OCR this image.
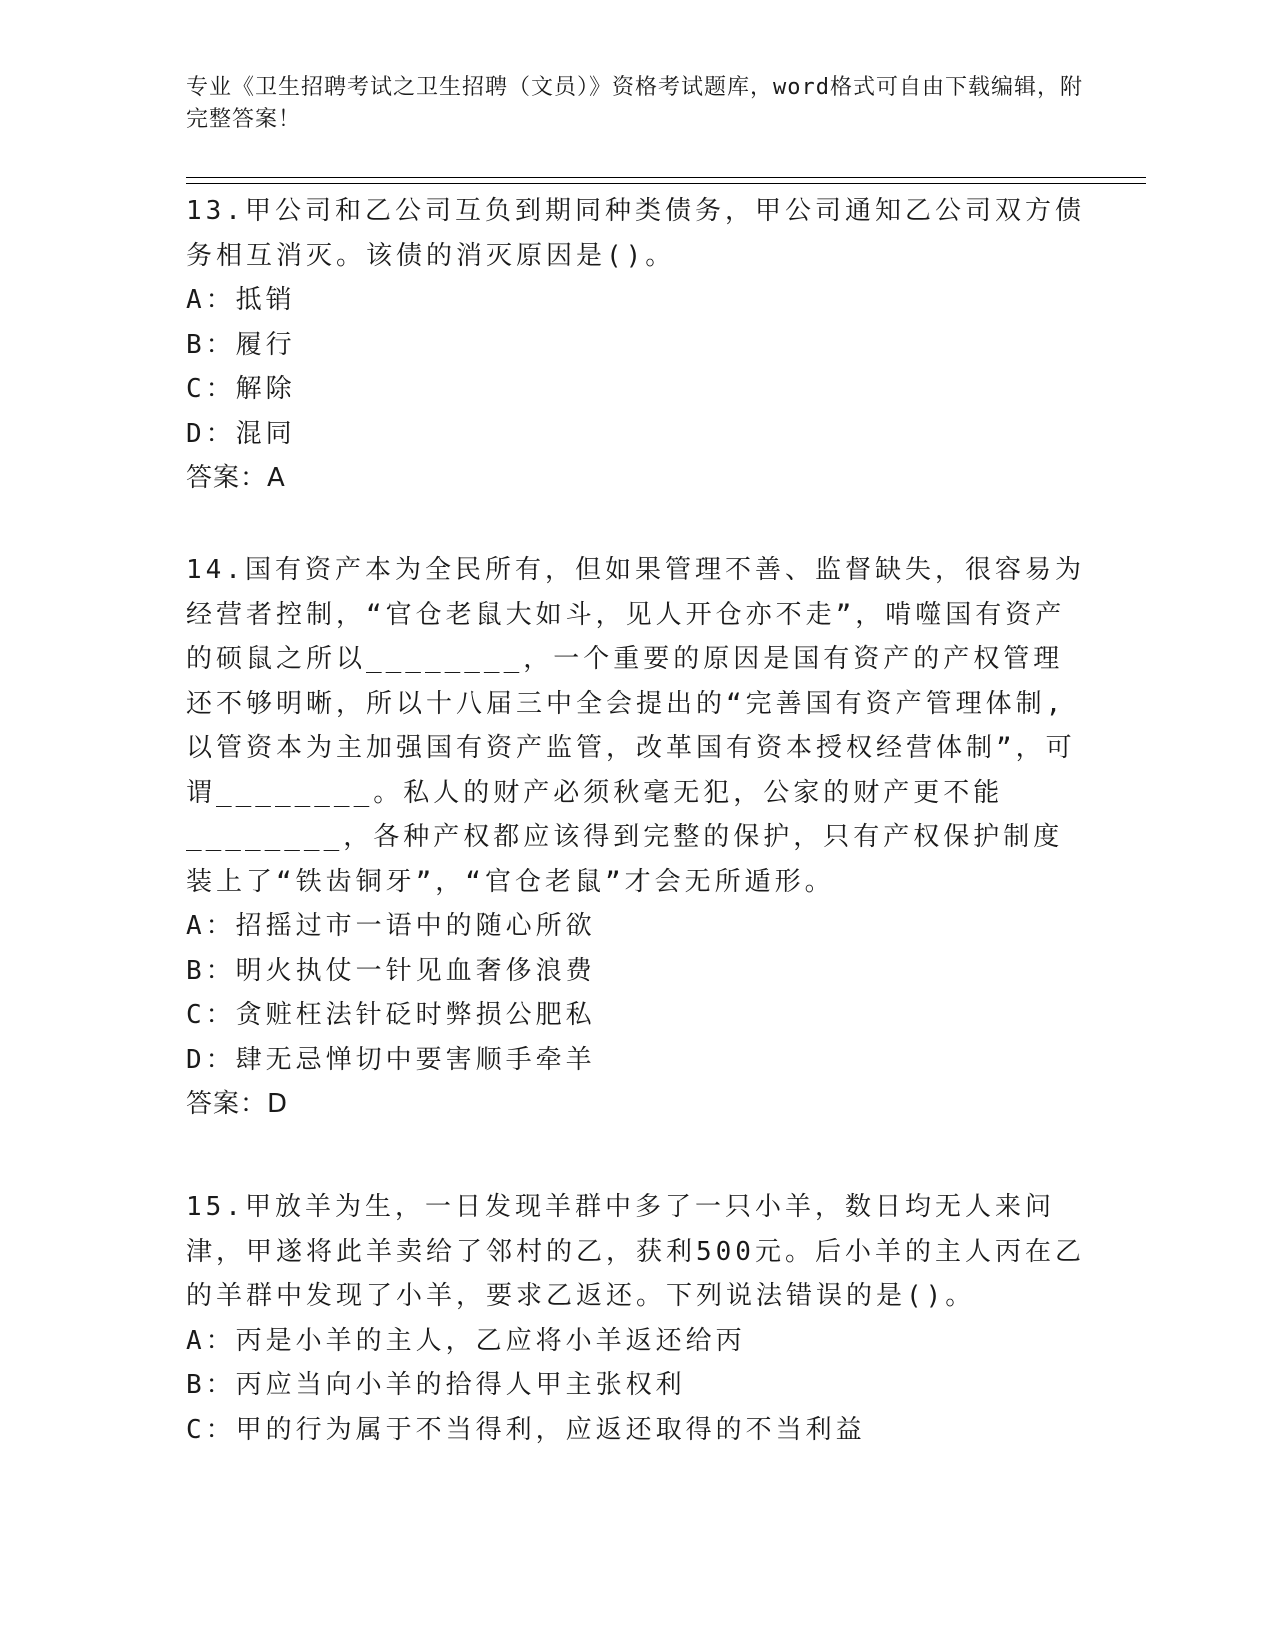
专业《卫生招聘考试之卫生招聘（文员）》资格考试题库，word格式可自由下载编辑，附完整答案！

13.甲公司和乙公司互负到期同种类债务，甲公司通知乙公司双方债务相互消灭。该债的消灭原因是()。

A：抵销

B：履行

C：解除

D：混同

答案：A

14.国有资产本为全民所有，但如果管理不善、监督缺失，很容易为经营者控制，“官仓老鼠大如斗，见人开仓亦不走”，啃噬国有资产的硕鼠之所以________，一个重要的原因是国有资产的产权管理还不够明晰，所以十八届三中全会提出的“完善国有资产管理体制,以管资本为主加强国有资产监管，改革国有资本授权经营体制”，可谓________。私人的财产必须秋毫无犯，公家的财产更不能________，各种产权都应该得到完整的保护，只有产权保护制度装上了“铁齿铜牙”，“官仓老鼠”才会无所遁形。

A：招摇过市一语中的随心所欲

B：明火执仗一针见血奢侈浪费

C：贪赃枉法针砭时弊损公肥私

D：肆无忌惮切中要害顺手牵羊

答案：D

15.甲放羊为生，一日发现羊群中多了一只小羊，数日均无人来问津，甲遂将此羊卖给了邻村的乙，获利500元。后小羊的主人丙在乙的羊群中发现了小羊，要求乙返还。下列说法错误的是()。

A：丙是小羊的主人，乙应将小羊返还给丙

B：丙应当向小羊的拾得人甲主张权利

C：甲的行为属于不当得利，应返还取得的不当利益
